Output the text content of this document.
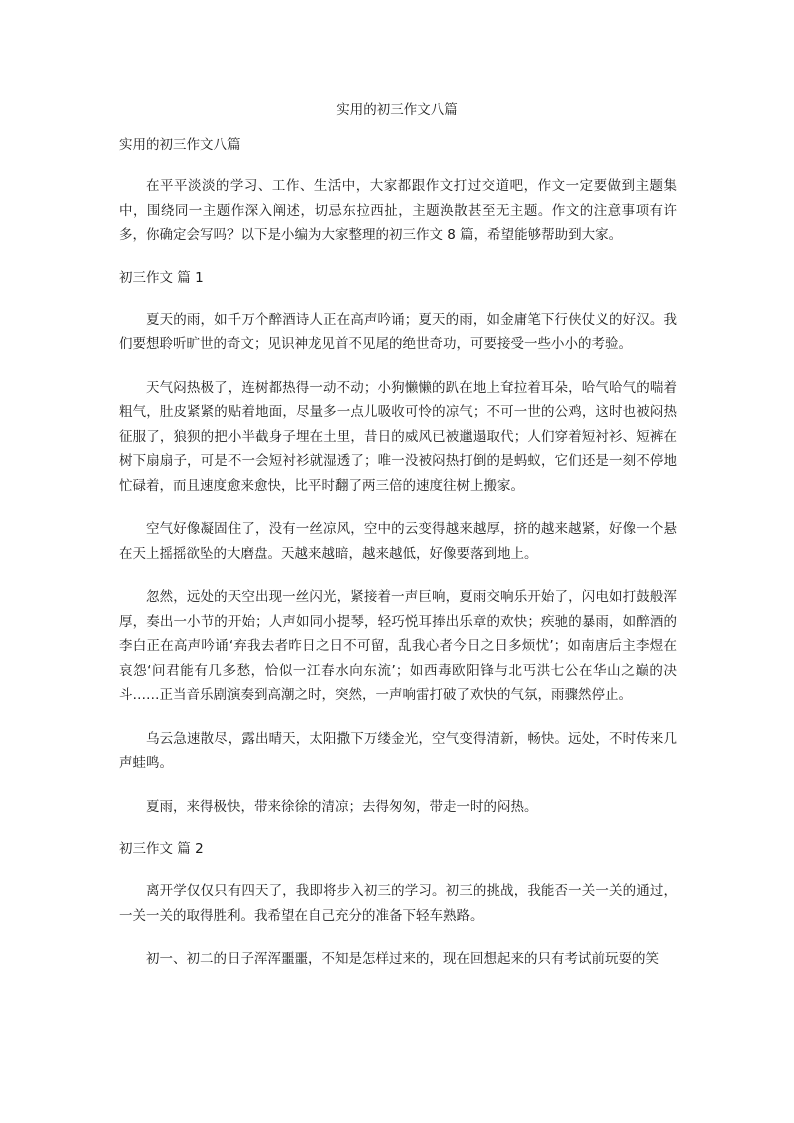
实用的初三作文八篇

实用的初三作文八篇

在平平淡淡的学习、工作、生活中，大家都跟作文打过交道吧，作文一定要做到主题集中，围绕同一主题作深入阐述，切忌东拉西扯，主题涣散甚至无主题。作文的注意事项有许多，你确定会写吗？以下是小编为大家整理的初三作文 8 篇，希望能够帮助到大家。

初三作文 篇 1

夏天的雨，如千万个醉酒诗人正在高声吟诵；夏天的雨，如金庸笔下行侠仗义的好汉。我们要想聆听旷世的奇文；见识神龙见首不见尾的绝世奇功，可要接受一些小小的考验。

天气闷热极了，连树都热得一动不动；小狗懒懒的趴在地上耷拉着耳朵，哈气哈气的喘着粗气，肚皮紧紧的贴着地面，尽量多一点儿吸收可怜的凉气；不可一世的公鸡，这时也被闷热征服了，狼狈的把小半截身子埋在土里，昔日的威风已被邋遢取代；人们穿着短衬衫、短裤在树下扇扇子，可是不一会短衬衫就湿透了；唯一没被闷热打倒的是蚂蚁，它们还是一刻不停地忙碌着，而且速度愈来愈快，比平时翻了两三倍的速度往树上搬家。

空气好像凝固住了，没有一丝凉风，空中的云变得越来越厚，挤的越来越紧，好像一个悬在天上摇摇欲坠的大磨盘。天越来越暗，越来越低，好像要落到地上。

忽然，远处的天空出现一丝闪光，紧接着一声巨响，夏雨交响乐开始了，闪电如打鼓般浑厚，奏出一小节的开始；人声如同小提琴，轻巧悦耳捧出乐章的欢快；疾驰的暴雨，如醉酒的李白正在高声吟诵‘弃我去者昨日之日不可留，乱我心者今日之日多烦忧’；如南唐后主李煜在哀怨‘问君能有几多愁，恰似一江春水向东流’；如西毒欧阳锋与北丐洪七公在华山之巅的决斗……正当音乐剧演奏到高潮之时，突然，一声响雷打破了欢快的气氛，雨骤然停止。

乌云急速散尽，露出晴天，太阳撒下万缕金光，空气变得清新，畅快。远处，不时传来几声蛙鸣。

夏雨，来得极快，带来徐徐的清凉；去得匆匆，带走一时的闷热。

初三作文 篇 2

离开学仅仅只有四天了，我即将步入初三的学习。初三的挑战，我能否一关一关的通过，一关一关的取得胜利。我希望在自己充分的准备下轻车熟路。

初一、初二的日子浑浑噩噩，不知是怎样过来的，现在回想起来的只有考试前玩耍的笑
